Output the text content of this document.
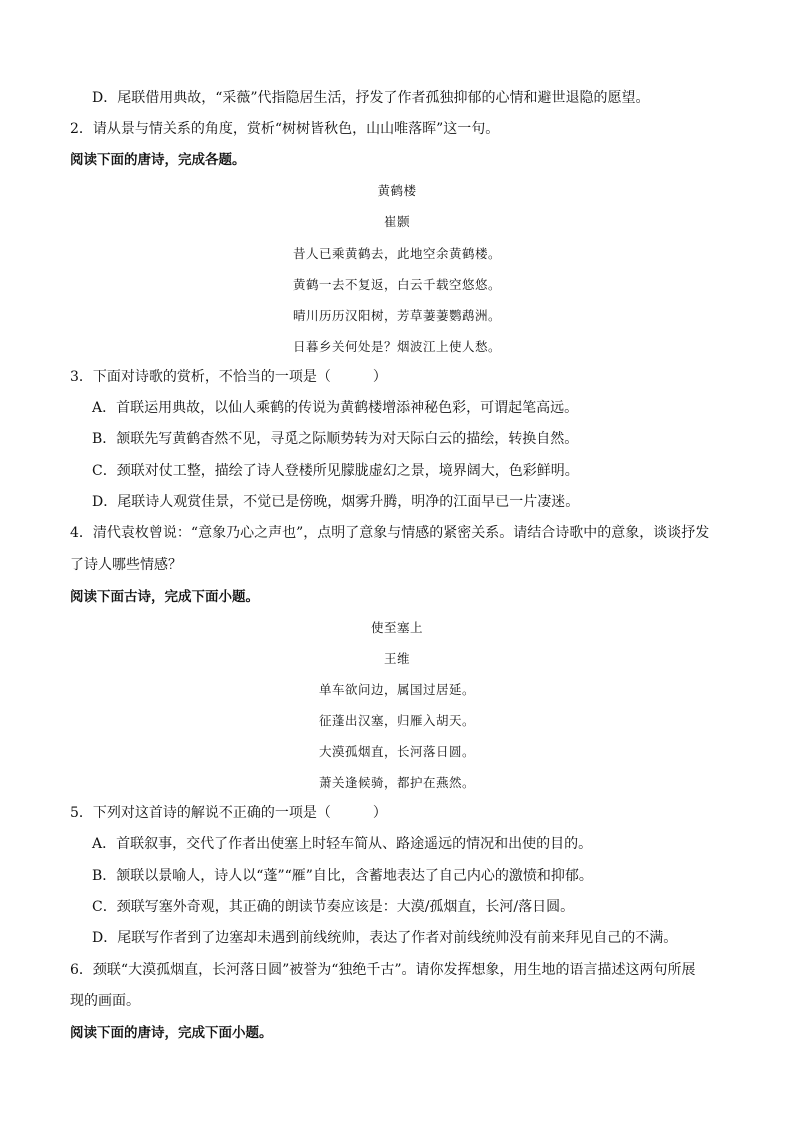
D．尾联借用典故，“采薇”代指隐居生活，抒发了作者孤独抑郁的心情和避世退隐的愿望。
2．请从景与情关系的角度，赏析“树树皆秋色，山山唯落晖”这一句。
阅读下面的唐诗，完成各题。
黄鹤楼
崔颢
昔人已乘黄鹤去，此地空余黄鹤楼。
黄鹤一去不复返，白云千载空悠悠。
晴川历历汉阳树，芳草萋萋鹦鹉洲。
日暮乡关何处是？烟波江上使人愁。
3．下面对诗歌的赏析，不恰当的一项是（　　　）
A．首联运用典故，以仙人乘鹤的传说为黄鹤楼增添神秘色彩，可谓起笔高远。
B．颔联先写黄鹤杳然不见，寻觅之际顺势转为对天际白云的描绘，转换自然。
C．颈联对仗工整，描绘了诗人登楼所见朦胧虚幻之景，境界阔大，色彩鲜明。
D．尾联诗人观赏佳景，不觉已是傍晚，烟雾升腾，明净的江面早已一片凄迷。
4．清代袁枚曾说：“意象乃心之声也”，点明了意象与情感的紧密关系。请结合诗歌中的意象，谈谈抒发
了诗人哪些情感？
阅读下面古诗，完成下面小题。
使至塞上
王维
单车欲问边，属国过居延。
征蓬出汉塞，归雁入胡天。
大漠孤烟直，长河落日圆。
萧关逢候骑，都护在燕然。
5．下列对这首诗的解说不正确的一项是（　　　）
A．首联叙事，交代了作者出使塞上时轻车简从、路途遥远的情况和出使的目的。
B．颔联以景喻人，诗人以“蓬”“雁”自比，含蓄地表达了自己内心的激愤和抑郁。
C．颈联写塞外奇观，其正确的朗读节奏应该是：大漠/孤烟直，长河/落日圆。
D．尾联写作者到了边塞却未遇到前线统帅，表达了作者对前线统帅没有前来拜见自己的不满。
6．颈联“大漠孤烟直，长河落日圆”被誉为“独绝千古”。请你发挥想象，用生地的语言描述这两句所展
现的画面。
阅读下面的唐诗，完成下面小题。
